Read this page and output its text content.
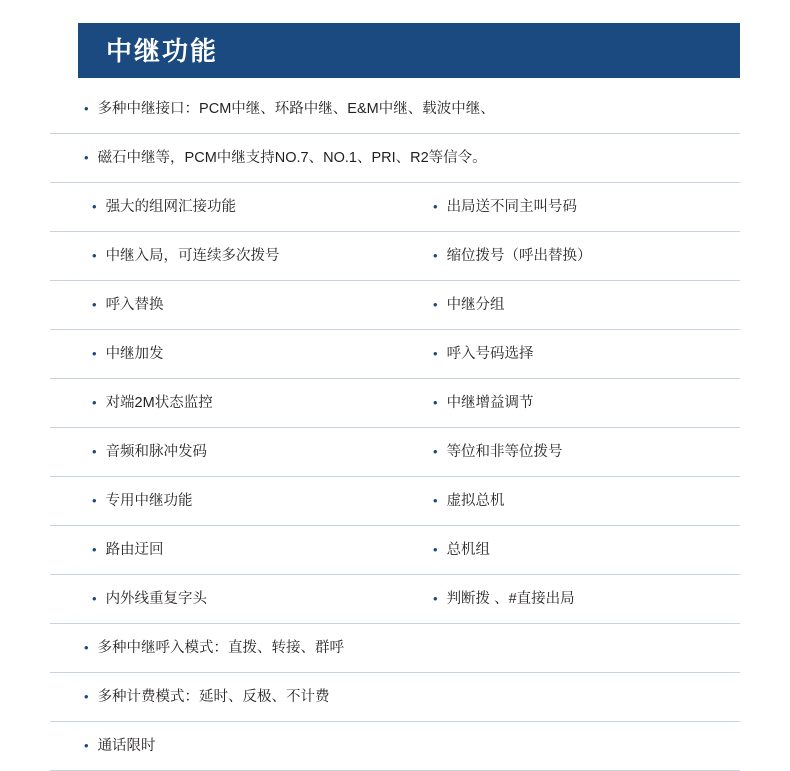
中继功能
• 多种中继接口：PCM中继、环路中继、E&M中继、载波中继、
• 磁石中继等，PCM中继支持NO.7、NO.1、PRI、R2等信令。
• 强大的组网汇接功能	• 出局送不同主叫号码
• 中继入局，可连续多次拨号	• 缩位拨号（呼出替换）
• 呼入替换	• 中继分组
• 中继加发	• 呼入号码选择
• 对端2M状态监控	• 中继增益调节
• 音频和脉冲发码	• 等位和非等位拨号
• 专用中继功能	• 虚拟总机
• 路由迂回	• 总机组
• 内外线重复字头	• 判断拨 、#直接出局
• 多种中继呼入模式：直拨、转接、群呼
• 多种计费模式：延时、反极、不计费
• 通话限时
